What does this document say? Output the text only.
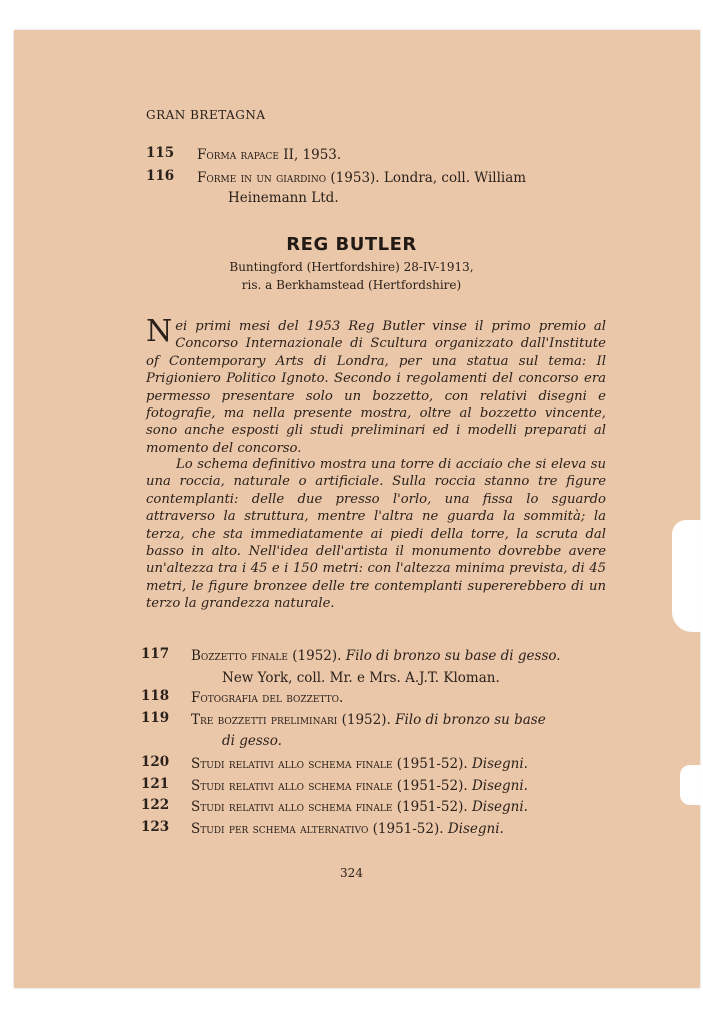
GRAN BRETAGNA
115 Forma rapace II, 1953.
116 Forme in un giardino (1953). Londra, coll. William
Heinemann Ltd.
REG BUTLER
Buntingford (Hertfordshire) 28-IV-1913,
ris. a Berkhamstead (Hertfordshire)
Nei primi mesi del 1953 Reg Butler vinse il primo premio al Concorso Internazionale di Scultura organizzato dall'Institute of Contemporary Arts di Londra, per una statua sul tema: Il Prigioniero Politico Ignoto. Secondo i regolamenti del concorso era permesso presentare solo un bozzetto, con relativi disegni e fotografie, ma nella presente mostra, oltre al bozzetto vincente, sono anche esposti gli studi preliminari ed i modelli preparati al momento del concorso.
Lo schema definitivo mostra una torre di acciaio che si eleva su una roccia, naturale o artificiale. Sulla roccia stanno tre figure contemplanti: delle due presso l'orlo, una fissa lo sguardo attraverso la struttura, mentre l'altra ne guarda la sommità; la terza, che sta immediatamente ai piedi della torre, la scruta dal basso in alto. Nell'idea dell'artista il monumento dovrebbe avere un'altezza tra i 45 e i 150 metri: con l'altezza minima prevista, di 45 metri, le figure bronzee delle tre contemplanti supererebbero di un terzo la grandezza naturale.
117 Bozzetto finale (1952). Filo di bronzo su base di gesso.
New York, coll. Mr. e Mrs. A.J.T. Kloman.
118 Fotografia del bozzetto.
119 Tre bozzetti preliminari (1952). Filo di bronzo su base
di gesso.
120 Studi relativi allo schema finale (1951-52). Disegni.
121 Studi relativi allo schema finale (1951-52). Disegni.
122 Studi relativi allo schema finale (1951-52). Disegni.
123 Studi per schema alternativo (1951-52). Disegni.
324
